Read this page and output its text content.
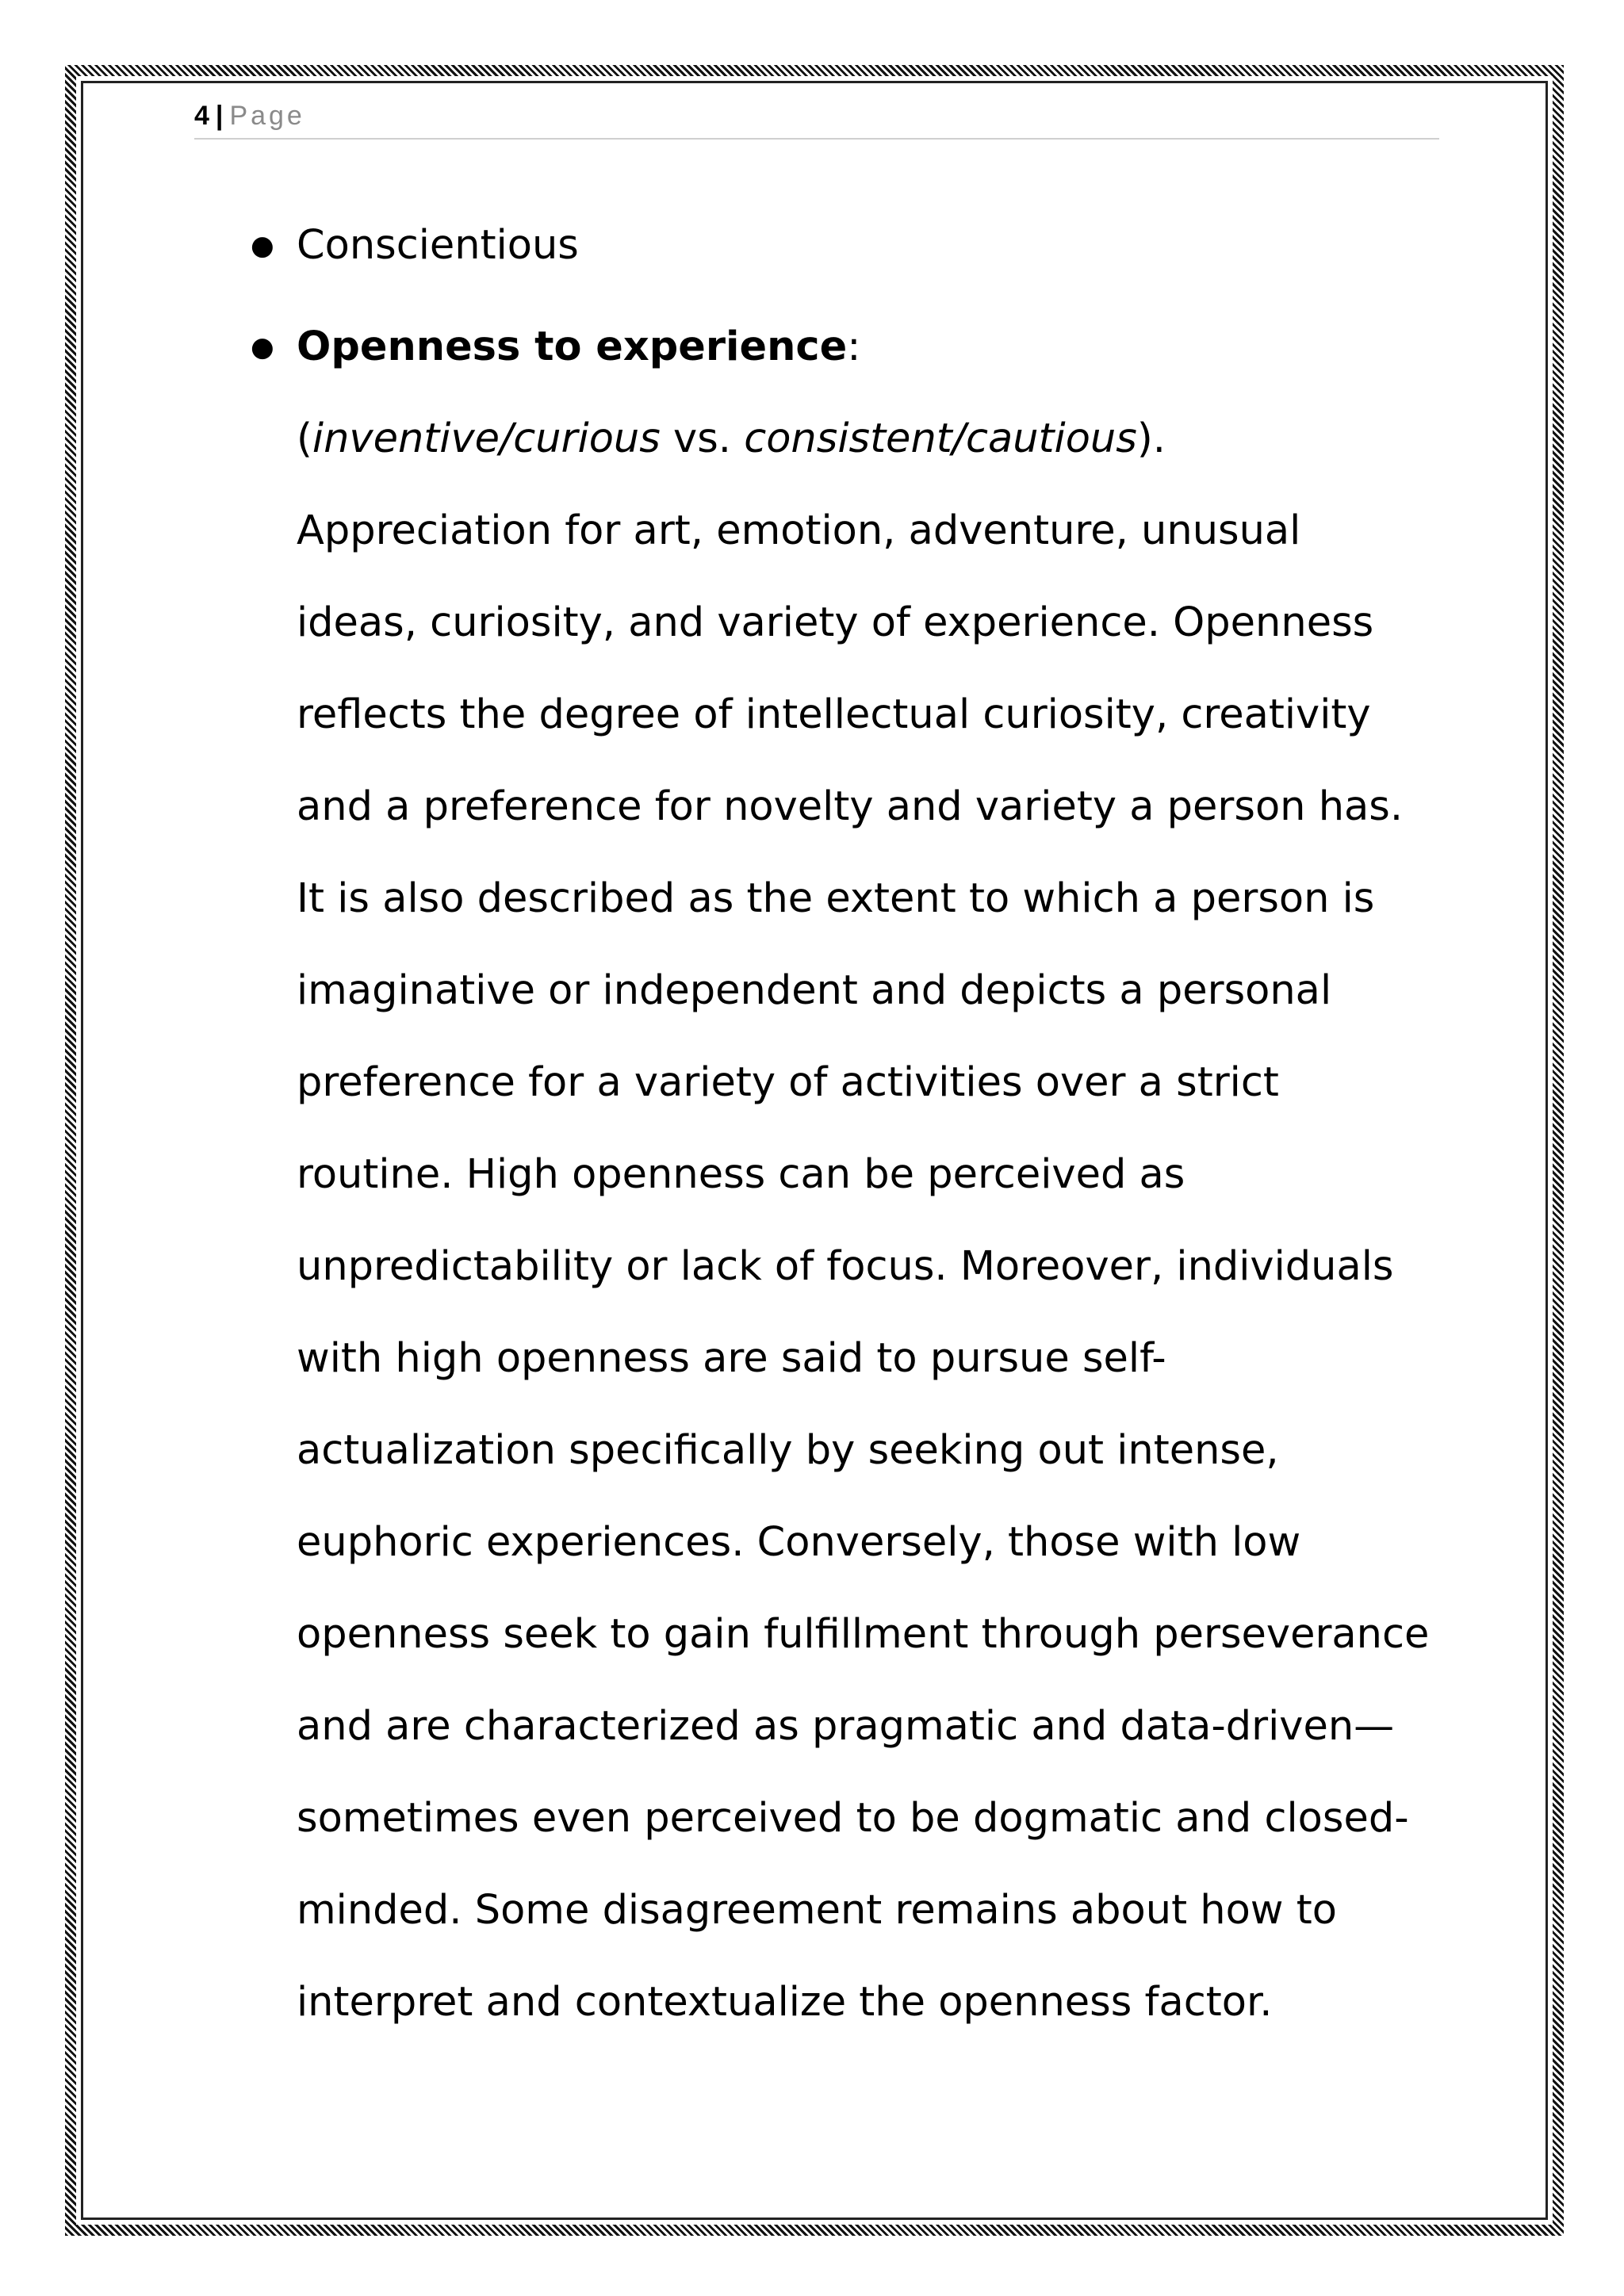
4 | Page
● Conscientious
● Openness to experience:
(inventive/curious vs. consistent/cautious).
Appreciation for art, emotion, adventure, unusual
ideas, curiosity, and variety of experience. Openness
reflects the degree of intellectual curiosity, creativity
and a preference for novelty and variety a person has.
It is also described as the extent to which a person is
imaginative or independent and depicts a personal
preference for a variety of activities over a strict
routine. High openness can be perceived as
unpredictability or lack of focus. Moreover, individuals
with high openness are said to pursue self-
actualization specifically by seeking out intense,
euphoric experiences. Conversely, those with low
openness seek to gain fulfillment through perseverance
and are characterized as pragmatic and data-driven—
sometimes even perceived to be dogmatic and closed-
minded. Some disagreement remains about how to
interpret and contextualize the openness factor.
